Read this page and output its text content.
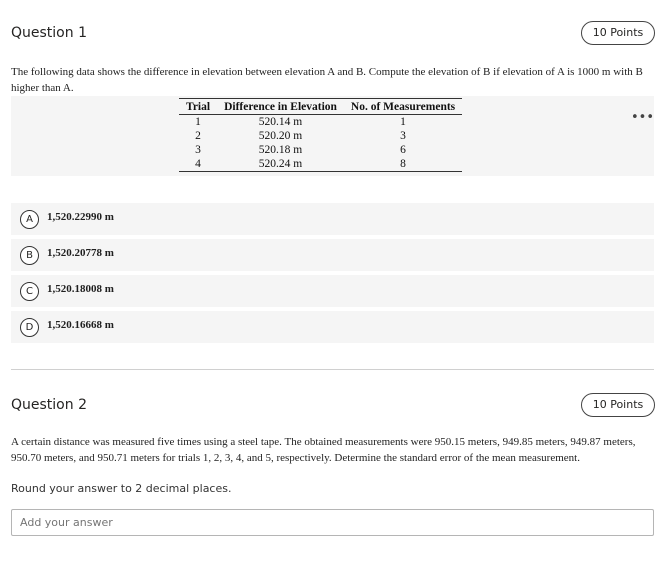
Question 1	10 Points
The following data shows the difference in elevation between elevation A and B. Compute the elevation of B if elevation of A is 1000 m with B higher than A.
Trial	Difference in Elevation	No. of Measurements
1	520.14 m	1
2	520.20 m	3
3	520.18 m	6
4	520.24 m	8
•••
A	1,520.22990 m
B	1,520.20778 m
C	1,520.18008 m
D	1,520.16668 m
Question 2	10 Points
A certain distance was measured five times using a steel tape. The obtained measurements were 950.15 meters, 949.85 meters, 949.87 meters, 950.70 meters, and 950.71 meters for trials 1, 2, 3, 4, and 5, respectively. Determine the standard error of the mean measurement.
Round your answer to 2 decimal places.
Add your answer
